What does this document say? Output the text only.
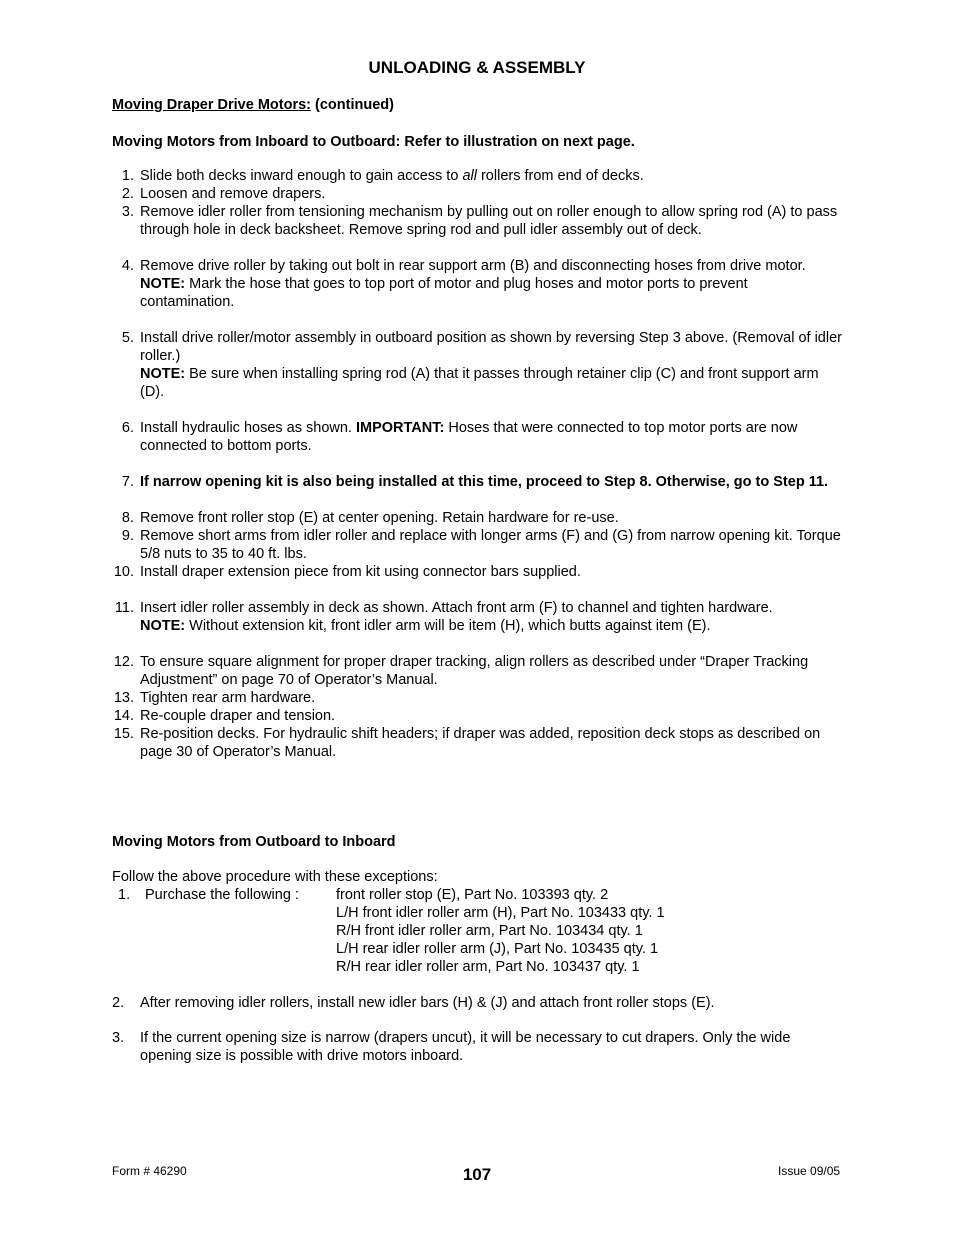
UNLOADING & ASSEMBLY
Moving Draper Drive Motors: (continued)
Moving Motors from Inboard to Outboard: Refer to illustration on next page.
1. Slide both decks inward enough to gain access to all rollers from end of decks.
2. Loosen and remove drapers.
3. Remove idler roller from tensioning mechanism by pulling out on roller enough to allow spring rod (A) to pass through hole in deck backsheet. Remove spring rod and pull idler assembly out of deck.
4. Remove drive roller by taking out bolt in rear support arm (B) and disconnecting hoses from drive motor.
NOTE: Mark the hose that goes to top port of motor and plug hoses and motor ports to prevent contamination.
5. Install drive roller/motor assembly in outboard position as shown by reversing Step 3 above. (Removal of idler roller.)
NOTE: Be sure when installing spring rod (A) that it passes through retainer clip (C) and front support arm (D).
6. Install hydraulic hoses as shown. IMPORTANT: Hoses that were connected to top motor ports are now connected to bottom ports.
7. If narrow opening kit is also being installed at this time, proceed to Step 8. Otherwise, go to Step 11.
8. Remove front roller stop (E) at center opening. Retain hardware for re-use.
9. Remove short arms from idler roller and replace with longer arms (F) and (G) from narrow opening kit. Torque 5/8 nuts to 35 to 40 ft. lbs.
10. Install draper extension piece from kit using connector bars supplied.
11. Insert idler roller assembly in deck as shown. Attach front arm (F) to channel and tighten hardware.
NOTE: Without extension kit, front idler arm will be item (H), which butts against item (E).
12. To ensure square alignment for proper draper tracking, align rollers as described under “Draper Tracking Adjustment” on page 70 of Operator’s Manual.
13. Tighten rear arm hardware.
14. Re-couple draper and tension.
15. Re-position decks. For hydraulic shift headers; if draper was added, reposition deck stops as described on page 30 of Operator’s Manual.
Moving Motors from Outboard to Inboard
Follow the above procedure with these exceptions:
1. Purchase the following :	front roller stop (E), Part No. 103393 qty. 2
L/H front idler roller arm (H), Part No. 103433 qty. 1
R/H front idler roller arm, Part No. 103434 qty. 1
L/H rear idler roller arm (J), Part No. 103435 qty. 1
R/H rear idler roller arm, Part No. 103437 qty. 1
2. After removing idler rollers, install new idler bars (H) & (J) and attach front roller stops (E).
3. If the current opening size is narrow (drapers uncut), it will be necessary to cut drapers. Only the wide opening size is possible with drive motors inboard.
Form # 46290	107	Issue 09/05
